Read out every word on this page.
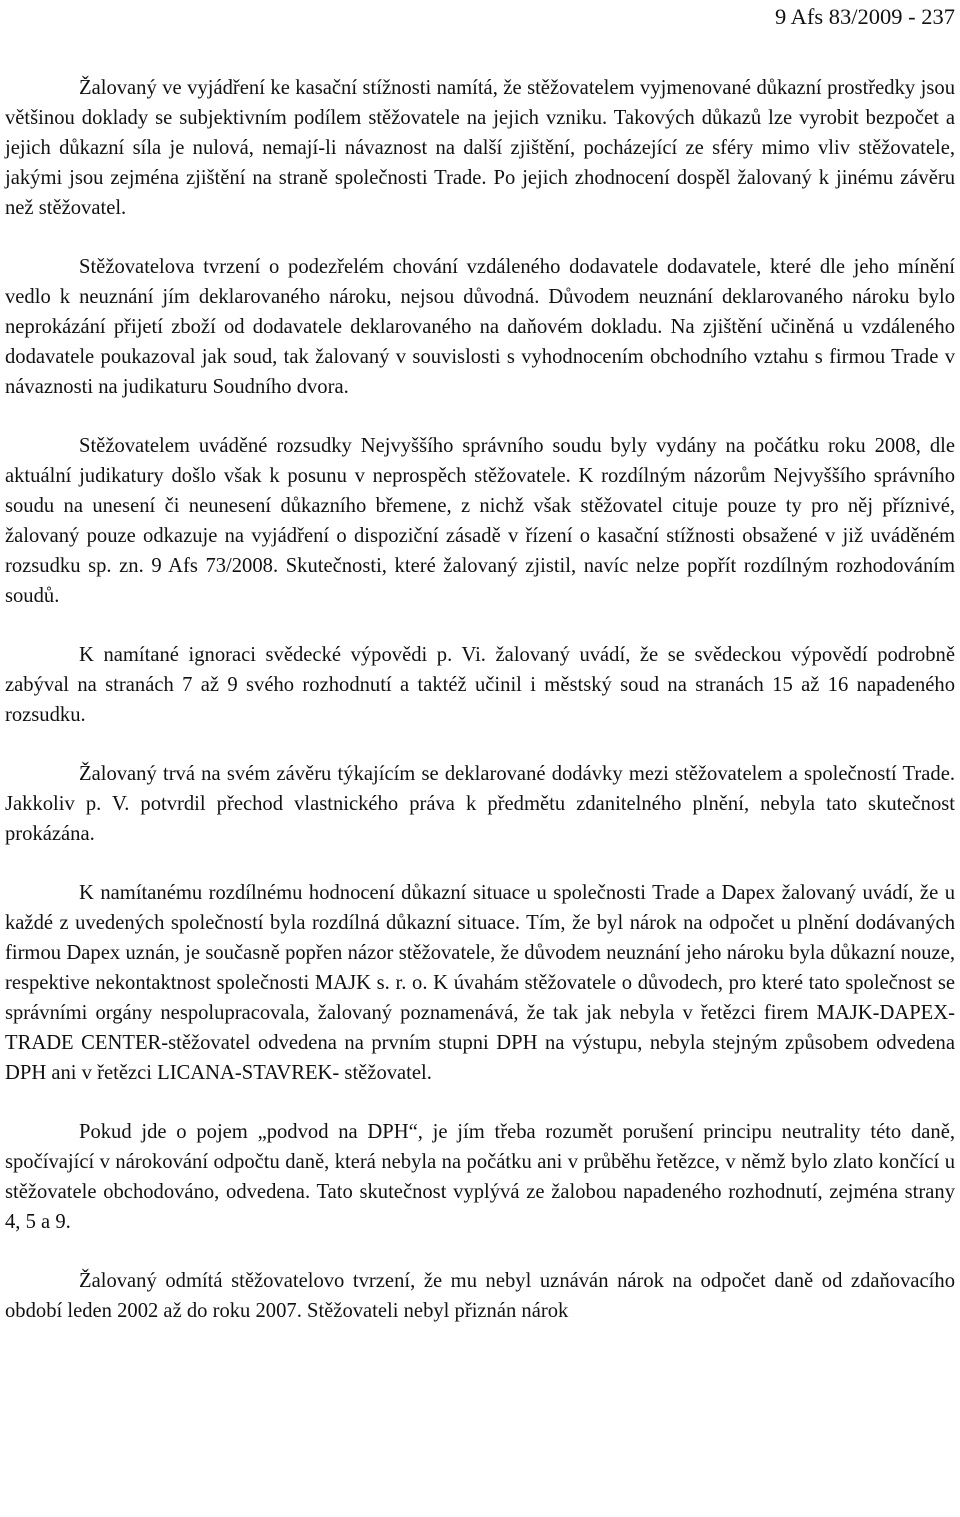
9 Afs 83/2009 - 237

Žalovaný ve vyjádření ke kasační stížnosti namítá, že stěžovatelem vyjmenované důkazní prostředky jsou většinou doklady se subjektivním podílem stěžovatele na jejich vzniku. Takových důkazů lze vyrobit bezpočet a jejich důkazní síla je nulová, nemají-li návaznost na další zjištění, pocházející ze sféry mimo vliv stěžovatele, jakými jsou zejména zjištění na straně společnosti Trade. Po jejich zhodnocení dospěl žalovaný k jinému závěru než stěžovatel.

Stěžovatelova tvrzení o podezřelém chování vzdáleného dodavatele dodavatele, které dle jeho mínění vedlo k neuznání jím deklarovaného nároku, nejsou důvodná. Důvodem neuznání deklarovaného nároku bylo neprokázání přijetí zboží od dodavatele deklarovaného na daňovém dokladu. Na zjištění učiněná u vzdáleného dodavatele poukazoval jak soud, tak žalovaný v souvislosti s vyhodnocením obchodního vztahu s firmou Trade v návaznosti na judikaturu Soudního dvora.

Stěžovatelem uváděné rozsudky Nejvyššího správního soudu byly vydány na počátku roku 2008, dle aktuální judikatury došlo však k posunu v neprospěch stěžovatele. K rozdílným názorům Nejvyššího správního soudu na unesení či neunesení důkazního břemene, z nichž však stěžovatel cituje pouze ty pro něj příznivé, žalovaný pouze odkazuje na vyjádření o dispoziční zásadě v řízení o kasační stížnosti obsažené v již uváděném rozsudku sp. zn. 9 Afs 73/2008. Skutečnosti, které žalovaný zjistil, navíc nelze popřít rozdílným rozhodováním soudů.

K namítané ignoraci svědecké výpovědi p. Vi. žalovaný uvádí, že se svědeckou výpovědí podrobně zabýval na stranách 7 až 9 svého rozhodnutí a taktéž učinil i městský soud na stranách 15 až 16 napadeného rozsudku.

Žalovaný trvá na svém závěru týkajícím se deklarované dodávky mezi stěžovatelem a společností Trade. Jakkoliv p. V. potvrdil přechod vlastnického práva k předmětu zdanitelného plnění, nebyla tato skutečnost prokázána.

K namítanému rozdílnému hodnocení důkazní situace u společnosti Trade a Dapex žalovaný uvádí, že u každé z uvedených společností byla rozdílná důkazní situace. Tím, že byl nárok na odpočet u plnění dodávaných firmou Dapex uznán, je současně popřen názor stěžovatele, že důvodem neuznání jeho nároku byla důkazní nouze, respektive nekontaktnost společnosti MAJK s. r. o. K úvahám stěžovatele o důvodech, pro které tato společnost se správními orgány nespolupracovala, žalovaný poznamenává, že tak jak nebyla v řetězci firem MAJK-DAPEX- TRADE CENTER-stěžovatel odvedena na prvním stupni DPH na výstupu, nebyla stejným způsobem odvedena DPH ani v řetězci LICANA-STAVREK- stěžovatel.

Pokud jde o pojem „podvod na DPH“, je jím třeba rozumět porušení principu neutrality této daně, spočívající v nárokování odpočtu daně, která nebyla na počátku ani v průběhu řetězce, v němž bylo zlato končící u stěžovatele obchodováno, odvedena. Tato skutečnost vyplývá ze žalobou napadeného rozhodnutí, zejména strany 4, 5 a 9.

Žalovaný odmítá stěžovatelovo tvrzení, že mu nebyl uznáván nárok na odpočet daně od zdaňovacího období leden 2002 až do roku 2007. Stěžovateli nebyl přiznán nárok
